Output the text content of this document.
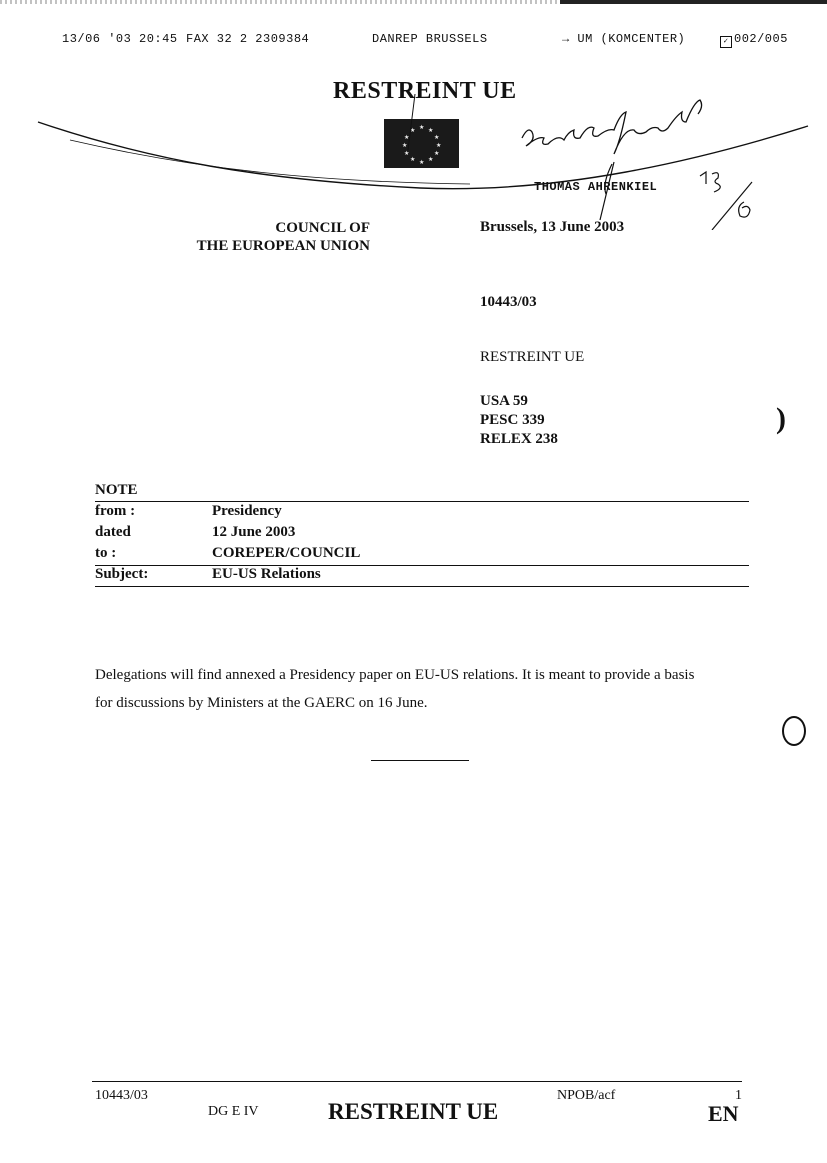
13/06 '03 20:45 FAX 32 2 2309384	DANREP BRUSSELS	→ UM (KOMCENTER)	✓ 002/005
RESTREINT UE
★ ★
★
★
★
★
★
★
★
★
★
★
THOMAS AHRENKIEL
COUNCIL OF
THE EUROPEAN UNION
Brussels, 13 June 2003
10443/03
RESTREINT UE
USA 59
PESC 339
RELEX 238
NOTE
from :	Presidency
dated	12 June 2003
to :	COREPER/COUNCIL
Subject:	EU-US Relations
Delegations will find annexed a Presidency paper on EU-US relations. It is meant to provide a basis
for discussions by Ministers at the GAERC on 16 June.
)
10443/03	NPOB/acf	1
DG E IV	RESTREINT UE	EN
